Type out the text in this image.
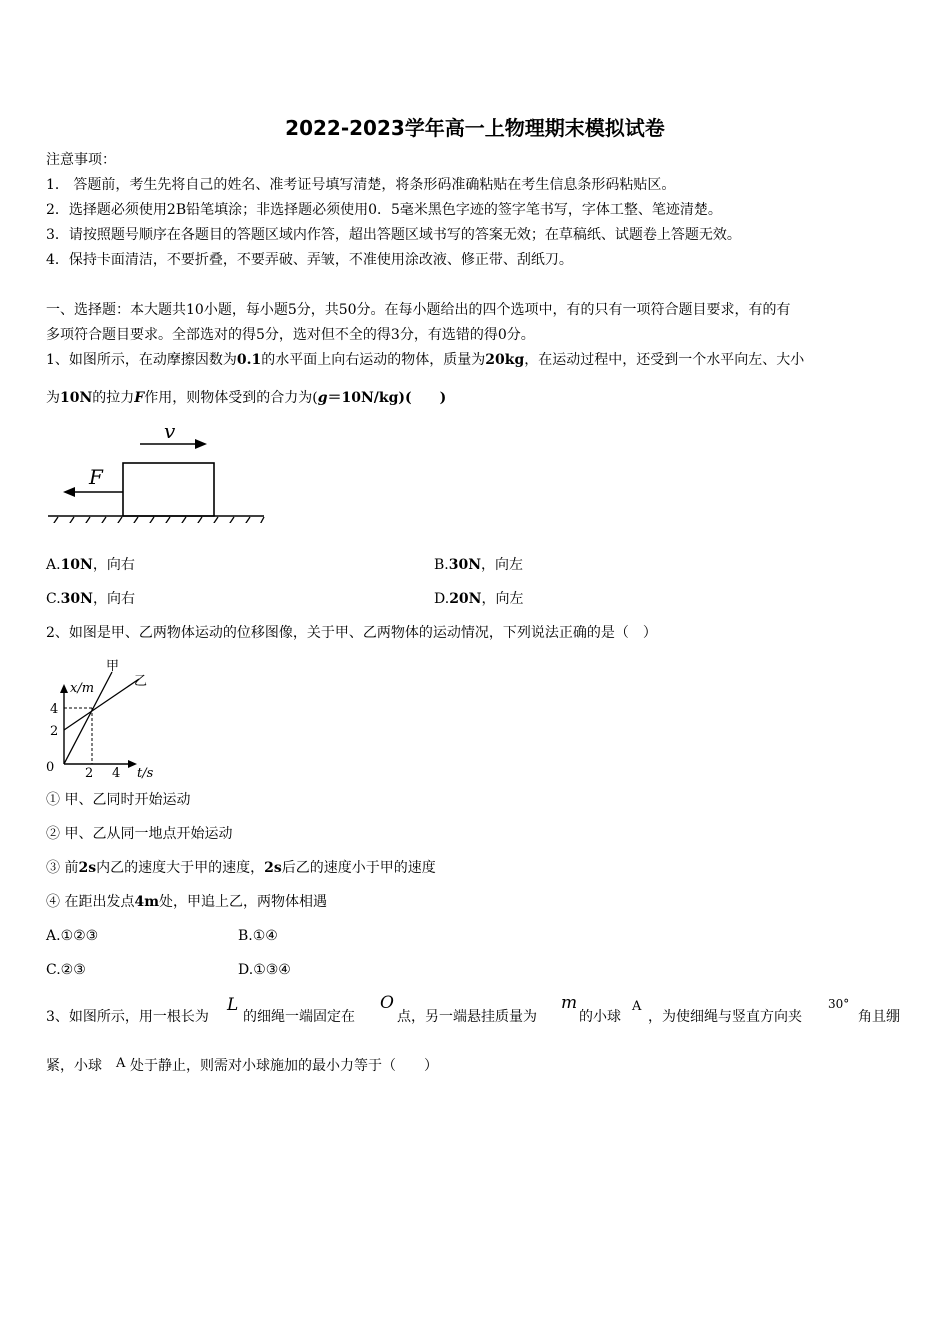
2022-2023学年高一上物理期末模拟试卷
注意事项：
1． 答题前，考生先将自己的姓名、准考证号填写清楚，将条形码准确粘贴在考生信息条形码粘贴区。
2．选择题必须使用2B铅笔填涂；非选择题必须使用0．5毫米黑色字迹的签字笔书写，字体工整、笔迹清楚。
3．请按照题号顺序在各题目的答题区域内作答，超出答题区域书写的答案无效；在草稿纸、试题卷上答题无效。
4．保持卡面清洁，不要折叠，不要弄破、弄皱，不准使用涂改液、修正带、刮纸刀。
一、选择题：本大题共10小题，每小题5分，共50分。在每小题给出的四个选项中，有的只有一项符合题目要求，有的有
多项符合题目要求。全部选对的得5分，选对但不全的得3分，有选错的得0分。
1、如图所示，在动摩擦因数为0.1的水平面上向右运动的物体，质量为20kg，在运动过程中，还受到一个水平向左、大小
为10N的拉力F作用，则物体受到的合力为(g＝10N/kg)(　　)
v
F
A.10N，向右	B.30N，向左
C.30N，向右	D.20N，向左
2、如图是甲、乙两物体运动的位移图像，关于甲、乙两物体的运动情况，下列说法正确的是（　）
甲
乙
x/m
t/s
0
4
2
2 4
① 甲、乙同时开始运动
② 甲、乙从同一地点开始运动
③ 前2s内乙的速度大于甲的速度，2s后乙的速度小于甲的速度
④ 在距出发点4m处，甲追上乙，两物体相遇
A.①②③	B.①④
C.②③	D.①③④
3、如图所示，用一根长为
L
的细绳一端固定在
O
点，另一端悬挂质量为
m
的小球
A
，为使细绳与竖直方向夹
30°
角且绷
紧，小球 A 处于静止，则需对小球施加的最小力等于（　　）
